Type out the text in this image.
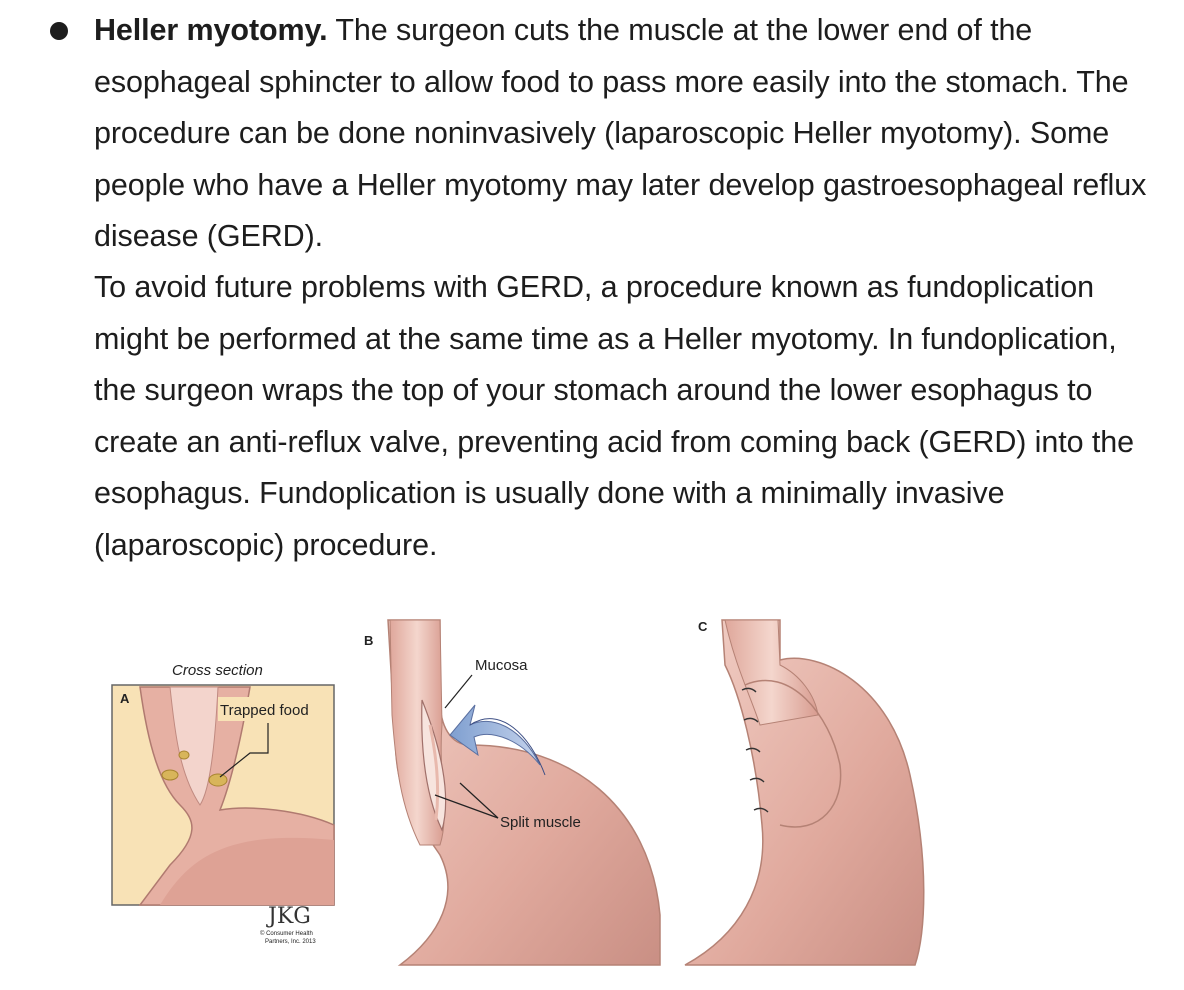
Heller myotomy. The surgeon cuts the muscle at the lower end of the esophageal sphincter to allow food to pass more easily into the stomach. The procedure can be done noninvasively (laparoscopic Heller myotomy). Some people who have a Heller myotomy may later develop gastroesophageal reflux disease (GERD).

To avoid future problems with GERD, a procedure known as fundoplication might be performed at the same time as a Heller myotomy. In fundoplication, the surgeon wraps the top of your stomach around the lower esophagus to create an anti-reflux valve, preventing acid from coming back (GERD) into the esophagus. Fundoplication is usually done with a minimally invasive (laparoscopic) procedure.

Trapped food
A
Cross section
JKG
© Consumer Health
Partners, Inc. 2013
B
Mucosa
Split muscle
C
